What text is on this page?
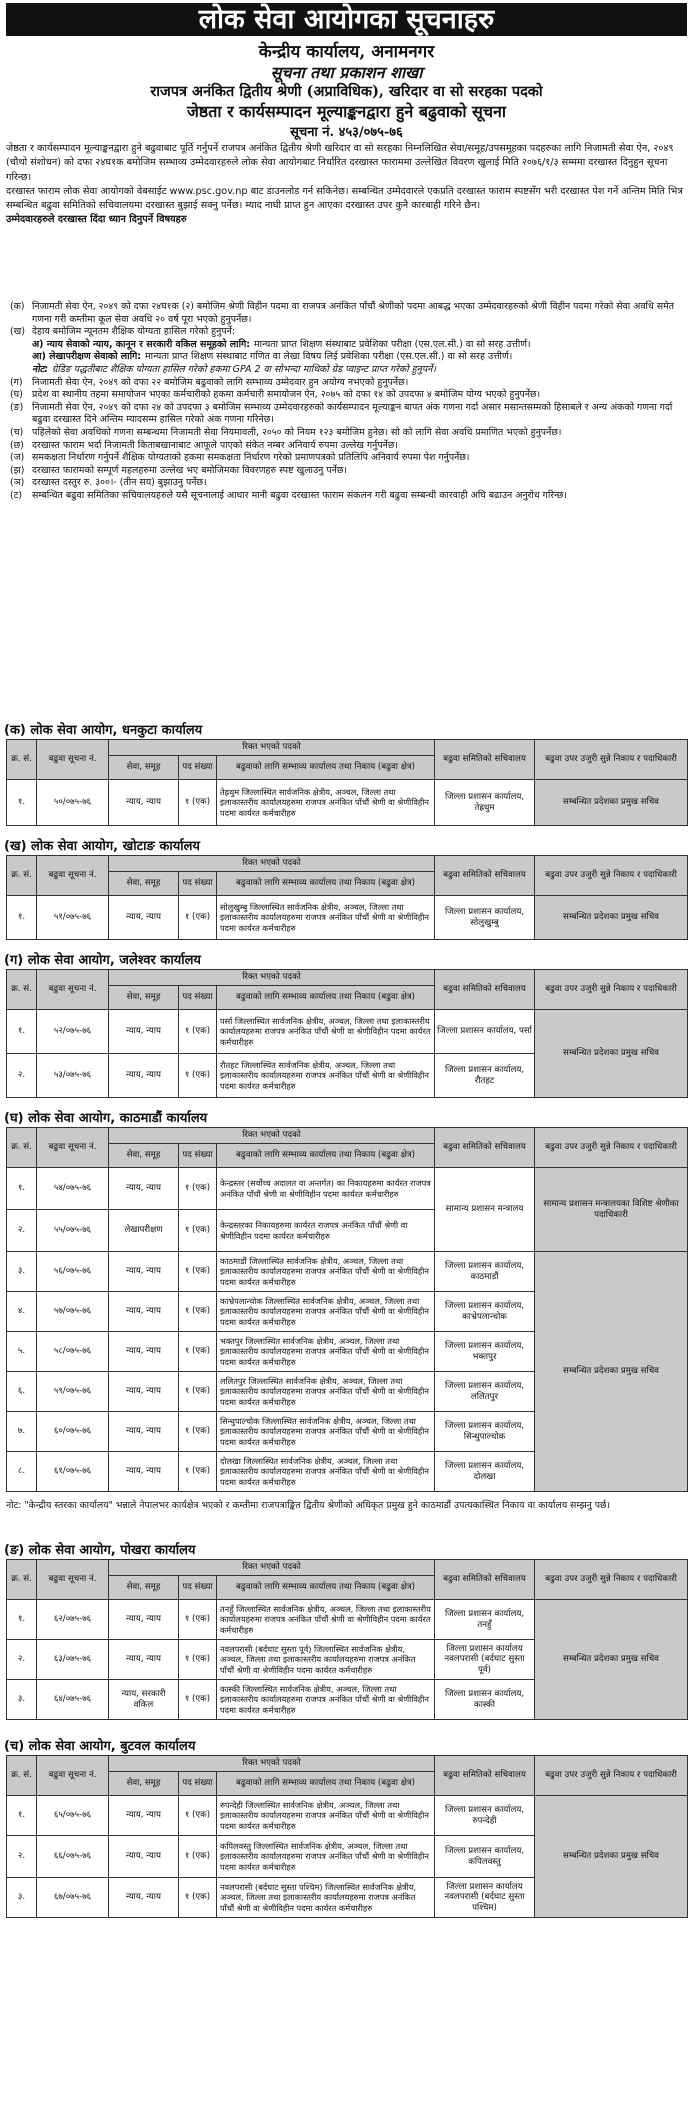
लोक सेवा आयोगका सूचनाहरु
केन्द्रीय कार्यालय, अनामनगर
सूचना तथा प्रकाशन शाखा
राजपत्र अनंकित द्वितीय श्रेणी (अप्राविधिक), खरिदार वा सो सरहका पदको
जेष्ठता र कार्यसम्पादन मूल्याङ्कनद्वारा हुने बढुवाको सूचना
सूचना नं. ४५३/०७५-७६

जेष्ठता र कार्यसम्पादन मूल्याङ्कनद्वारा हुने बढुवाबाट पूर्ति गर्नुपर्ने राजपत्र अनंकित द्वितीय श्रेणी खरिदार वा सो सरहका निम्नलिखित सेवा/समूह/उपसमूहका पदहरुका लागि निजामती सेवा ऐन, २०४९ (चौथो संशोधन) को दफा २४घ१क बमोजिम सम्भाव्य उम्मेदवारहरुले लोक सेवा आयोगबाट निर्धारित दरखास्त फाराममा उल्लेखित विवरण खुलाई मिति २०७६/१/३ सम्ममा दरखास्त दिनुहुन सूचना गरिन्छ।

दरखास्त फाराम लोक सेवा आयोगको वेबसाईट www.psc.gov.np बाट डाउनलोड गर्न सकिनेछ। सम्बन्धित उम्मेदवारले एकप्रति दरखास्त फाराम स्पष्टसँग भरी दरखास्त पेश गर्ने अन्तिम मिति भित्र सम्बन्धित बढुवा समितिको सचिवालयमा दरखास्त बुझाई सक्नु पर्नेछ। म्याद नाघी प्राप्त हुन आएका दरखास्त उपर कुनै कारबाही गरिने छैन।

उम्मेदवारहरुले दरखास्त दिंदा ध्यान दिनुपर्ने विषयहरु

(क) निजामती सेवा ऐन, २०४९ को दफा २४घ१क (२) बमोजिम श्रेणी विहीन पदमा वा राजपत्र अनंकित पाँचौं श्रेणीको पदमा आबद्ध भएका उम्मेदवारहरुको श्रेणी विहीन पदमा गरेको सेवा अवधि समेत गणना गरी कम्तीमा कूल सेवा अवधि २० वर्ष पूरा भएको हुनुपर्नेछ।
(ख) देहाय बमोजिम न्यूनतम शैक्षिक योग्यता हासिल गरेको हुनुपर्ने:
अ) न्याय सेवाको न्याय, कानून र सरकारी वकिल समूहको लागि: मान्यता प्राप्त शिक्षण संस्थाबाट प्रवेशिका परीक्षा (एस.एल.सी.) वा सो सरह उत्तीर्ण।
आ) लेखापरीक्षण सेवाको लागि: मान्यता प्राप्त शिक्षण संस्थाबाट गणित वा लेखा विषय लिई प्रवेशिका परीक्षा (एस.एल.सी.) वा सो सरह उत्तीर्ण।
नोट: ग्रेडिङ पद्धतीबाट शैक्षिक योग्यता हासिल गरेको हकमा GPA 2 वा सोभन्दा माथिको ग्रेड प्वाइन्ट प्राप्त गरेको हुनुपर्ने।
(ग)	निजामती सेवा ऐन, २०४९ को दफा २२ बमोजिम बढुवाको लागि सम्भाव्य उम्मेदवार हुन अयोग्य नभएको हुनुपर्नेछ।
(घ) प्रदेश वा स्थानीय तहमा समायोजन भएका कर्मचारीको हकमा कर्मचारी समायोजन ऐन, २०७५ को दफा १४ को उपदफा ४ बमोजिम योग्य भएको हुनुपर्नेछ।
(ङ) निजामती सेवा ऐन, २०४९ को दफा २४ को उपदफा ३ बमोजिम सम्भाव्य उम्मेदवारहरुको कार्यसम्पादन मूल्याङ्कन बापत अंक गणना गर्दा असार मसान्तसम्मको हिसाबले र अन्य अंकको गणना गर्दा बढुवा दरखास्त दिने अन्तिम म्यादसम्म हासिल गरेको अंक गणना गरिनेछ।
(च) पहिलेको सेवा अवधिको गणना सम्बन्धमा निजामती सेवा नियमावली, २०५० को नियम १२३ बमोजिम हुनेछ। सो को लागि सेवा अवधि प्रमाणित भएको हुनुपर्नेछ।
(छ) दरखास्त फाराम भर्दा निजामती किताबखानाबाट आफूले पाएको संकेत नम्बर अनिवार्य रुपमा उल्लेख गर्नुपर्नेछ।
(ज) समकक्षता निर्धारण गर्नुपर्ने शैक्षिक योग्यताको हकमा समकक्षता निर्धारण गरेको प्रमाणपत्रको प्रतिलिपि अनिवार्य रुपमा पेश गर्नुपर्नेछ।
(झ) दरखास्त फारामको सम्पूर्ण महलहरुमा उल्लेख भए बमोजिमका विवरणहरु स्पष्ट खुलाउनु पर्नेछ।
(ञ) दरखास्त दस्तुर रु. ३००।- (तीन सय) बुझाउनु पर्नेछ।
(ट)	सम्बन्धित बढुवा समितिका सचिवालयहरुले यसै सूचनालाई आधार मानी बढुवा दरखास्त फाराम संकलन गरी बढुवा सम्बन्धी कारवाही अघि बढाउन अनुरोध गरिन्छ।
(क) लोक सेवा आयोग, धनकुटा कार्यालय
क्र. सं.	बढुवा सूचना नं.	रिक्त भएको पदको			बढुवा समितिको सचिवालय	बढुवा उपर उजुरी सुन्ने निकाय र पदाधिकारी
		सेवा, समूह	पद संख्या	बढुवाको लागि सम्भाव्य कार्यालय तथा निकाय (बढुवा क्षेत्र)		
१.	५०/०७५-७६	न्याय, न्याय	१ (एक)	तेह्रथुम जिल्लास्थित सार्वजनिक क्षेत्रीय, अञ्चल, जिल्ला तथा इलाकास्तरीय कार्यालयहरुमा राजपत्र अनंकित पाँचौं श्रेणी वा श्रेणीविहीन पदमा कार्यरत कर्मचारीहरु	जिल्ला प्रशासन कार्यालय, तेह्रथुम	सम्बन्धित प्रदेशका प्रमुख सचिव
(ख) लोक सेवा आयोग, खोटाङ कार्यालय
क्र. सं.	बढुवा सूचना नं.	रिक्त भएको पदको			बढुवा समितिको सचिवालय	बढुवा उपर उजुरी सुन्ने निकाय र पदाधिकारी
		सेवा, समूह	पद संख्या	बढुवाको लागि सम्भाव्य कार्यालय तथा निकाय (बढुवा क्षेत्र)		
१.	५१/०७५-७६	न्याय, न्याय	१ (एक)	सोलुखुम्बु जिल्लास्थित सार्वजनिक क्षेत्रीय, अञ्चल, जिल्ला तथा इलाकास्तरीय कार्यालयहरुमा राजपत्र अनंकित पाँचौं श्रेणी वा श्रेणीविहीन पदमा कार्यरत कर्मचारीहरु	जिल्ला प्रशासन कार्यालय, सोलुखुम्बु	सम्बन्धित प्रदेशका प्रमुख सचिव
(ग) लोक सेवा आयोग, जलेश्वर कार्यालय
क्र. सं.	बढुवा सूचना नं.	रिक्त भएको पदको			बढुवा समितिको सचिवालय	बढुवा उपर उजुरी सुन्ने निकाय र पदाधिकारी
		सेवा, समूह	पद संख्या	बढुवाको लागि सम्भाव्य कार्यालय तथा निकाय (बढुवा क्षेत्र)		
१.	५२/०७५-७६	न्याय, न्याय	१ (एक)	पर्सा जिल्लास्थित सार्वजनिक क्षेत्रीय, अञ्चल, जिल्ला तथा इलाकास्तरीय कार्यालयहरुमा राजपत्र अनंकित पाँचौं श्रेणी वा श्रेणीविहीन पदमा कार्यरत कर्मचारीहरु	जिल्ला प्रशासन कार्यालय, पर्सा	सम्बन्धित प्रदेशका प्रमुख सचिव
२.	५३/०७५-७६	न्याय, न्याय	१ (एक)	रौतहट जिल्लास्थित सार्वजनिक क्षेत्रीय, अञ्चल, जिल्ला तथा इलाकास्तरीय कार्यालयहरुमा राजपत्र अनंकित पाँचौं श्रेणी वा श्रेणीविहीन पदमा कार्यरत कर्मचारीहरु	जिल्ला प्रशासन कार्यालय, रौतहट	
(घ) लोक सेवा आयोग, काठमाडौं कार्यालय
क्र. सं.	बढुवा सूचना नं.	रिक्त भएको पदको			बढुवा समितिको सचिवालय	बढुवा उपर उजुरी सुन्ने निकाय र पदाधिकारी
		सेवा, समूह	पद संख्या	बढुवाको लागि सम्भाव्य कार्यालय तथा निकाय (बढुवा क्षेत्र)		
१.	५४/०७५-७६	न्याय, न्याय	१ (एक)	केन्द्रस्तर (सर्वोच्च अदालत वा अन्तर्गत) का निकायहरुमा कार्यरत राजपत्र अनंकित पाँचौं श्रेणी वा श्रेणीविहीन पदमा कार्यरत कर्मचारीहरु	सामान्य प्रशासन मन्त्रालय	सामान्य प्रशासन मन्त्रालयका विशिष्ट श्रेणीका पदाधिकारी
२.	५५/०७५-७६	लेखापरीक्षण	१ (एक)	केन्द्रस्तरका निकायहरुमा कार्यरत राजपत्र अनंकित पाँचौं श्रेणी वा श्रेणीविहीन पदमा कार्यरत कर्मचारीहरु		
३.	५६/०७५-७६	न्याय, न्याय	१ (एक)	काठमाडौं जिल्लास्थित सार्वजनिक क्षेत्रीय, अञ्चल, जिल्ला तथा इलाकास्तरीय कार्यालयहरुमा राजपत्र अनंकित पाँचौं श्रेणी वा श्रेणीविहीन पदमा कार्यरत कर्मचारीहरु	जिल्ला प्रशासन कार्यालय, काठमाडौं	सम्बन्धित प्रदेशका प्रमुख सचिव
४.	५७/०७५-७६	न्याय, न्याय	१ (एक)	काभ्रेपलान्चोक जिल्लास्थित सार्वजनिक क्षेत्रीय, अञ्चल, जिल्ला तथा इलाकास्तरीय कार्यालयहरुमा राजपत्र अनंकित पाँचौं श्रेणी वा श्रेणीविहीन पदमा कार्यरत कर्मचारीहरु	जिल्ला प्रशासन कार्यालय, काभ्रेपलान्चोक	
५.	५८/०७५-७६	न्याय, न्याय	१ (एक)	भक्तपुर जिल्लास्थित सार्वजनिक क्षेत्रीय, अञ्चल, जिल्ला तथा इलाकास्तरीय कार्यालयहरुमा राजपत्र अनंकित पाँचौं श्रेणी वा श्रेणीविहीन पदमा कार्यरत कर्मचारीहरु	जिल्ला प्रशासन कार्यालय, भक्तपुर	
६.	५९/०७५-७६	न्याय, न्याय	१ (एक)	ललितपुर जिल्लास्थित सार्वजनिक क्षेत्रीय, अञ्चल, जिल्ला तथा इलाकास्तरीय कार्यालयहरुमा राजपत्र अनंकित पाँचौं श्रेणी वा श्रेणीविहीन पदमा कार्यरत कर्मचारीहरु	जिल्ला प्रशासन कार्यालय, ललितपुर	
७.	६०/०७५-७६	न्याय, न्याय	१ (एक)	सिन्धुपाल्चोक जिल्लास्थित सार्वजनिक क्षेत्रीय, अञ्चल, जिल्ला तथा इलाकास्तरीय कार्यालयहरुमा राजपत्र अनंकित पाँचौं श्रेणी वा श्रेणीविहीन पदमा कार्यरत कर्मचारीहरु	जिल्ला प्रशासन कार्यालय, सिन्धुपाल्चोक	
८.	६१/०७५-७६	न्याय, न्याय	१ (एक)	दोलखा जिल्लास्थित सार्वजनिक क्षेत्रीय, अञ्चल, जिल्ला तथा इलाकास्तरीय कार्यालयहरुमा राजपत्र अनंकित पाँचौं श्रेणी वा श्रेणीविहीन पदमा कार्यरत कर्मचारीहरु	जिल्ला प्रशासन कार्यालय, दोलखा	
नोट: "केन्द्रीय स्तरका कार्यालय" भन्नाले नेपालभर कार्यक्षेत्र भएको र कम्तीमा राजपत्राङ्कित द्वितीय श्रेणीको अधिकृत प्रमुख हुने काठमाडौं उपत्यकास्थित निकाय वा कार्यालय सम्झनु पर्छ।
(ङ) लोक सेवा आयोग, पोखरा कार्यालय
क्र. सं.	बढुवा सूचना नं.	रिक्त भएको पदको			बढुवा समितिको सचिवालय	बढुवा उपर उजुरी सुन्ने निकाय र पदाधिकारी
		सेवा, समूह	पद संख्या	बढुवाको लागि सम्भाव्य कार्यालय तथा निकाय (बढुवा क्षेत्र)		
१.	६२/०७५-७६	न्याय, न्याय	१ (एक)	तनहुँ जिल्लास्थित सार्वजनिक क्षेत्रीय, अञ्चल, जिल्ला तथा इलाकास्तरीय कार्यालयहरुमा राजपत्र अनंकित पाँचौं श्रेणी वा श्रेणीविहीन पदमा कार्यरत कर्मचारीहरु	जिल्ला प्रशासन कार्यालय, तनहुँ	सम्बन्धित प्रदेशका प्रमुख सचिव
२.	६३/०७५-७६	न्याय, न्याय	१ (एक)	नवलपरासी (बर्दघाट सुस्ता पूर्व) जिल्लास्थित सार्वजनिक क्षेत्रीय, अञ्चल, जिल्ला तथा इलाकास्तरीय कार्यालयहरुमा राजपत्र अनंकित पाँचौं श्रेणी वा श्रेणीविहीन पदमा कार्यरत कर्मचारीहरु	जिल्ला प्रशासन कार्यालय नवलपरासी (बर्दघाट सुस्ता पूर्व)	
३.	६४/०७५-७६	न्याय, सरकारी वकिल	१ (एक)	कास्की जिल्लास्थित सार्वजनिक क्षेत्रीय, अञ्चल, जिल्ला तथा इलाकास्तरीय कार्यालयहरुमा राजपत्र अनंकित पाँचौं श्रेणी वा श्रेणीविहीन पदमा कार्यरत कर्मचारीहरु	जिल्ला प्रशासन कार्यालय, कास्की	
(च) लोक सेवा आयोग, बुटवल कार्यालय
क्र. सं.	बढुवा सूचना नं.	रिक्त भएको पदको			बढुवा समितिको सचिवालय	बढुवा उपर उजुरी सुन्ने निकाय र पदाधिकारी
		सेवा, समूह	पद संख्या	बढुवाको लागि सम्भाव्य कार्यालय तथा निकाय (बढुवा क्षेत्र)		
१.	६५/०७५-७६	न्याय, न्याय	१ (एक)	रुपन्देही जिल्लास्थित सार्वजनिक क्षेत्रीय, अञ्चल, जिल्ला तथा इलाकास्तरीय कार्यालयहरुमा राजपत्र अनंकित पाँचौं श्रेणी वा श्रेणीविहीन पदमा कार्यरत कर्मचारीहरु	जिल्ला प्रशासन कार्यालय, रुपन्देही	सम्बन्धित प्रदेशका प्रमुख सचिव
२.	६६/०७५-७६	न्याय, न्याय	१ (एक)	कपिलवस्तु जिल्लास्थित सार्वजनिक क्षेत्रीय, अञ्चल, जिल्ला तथा इलाकास्तरीय कार्यालयहरुमा राजपत्र अनंकित पाँचौं श्रेणी वा श्रेणीविहीन पदमा कार्यरत कर्मचारीहरु	जिल्ला प्रशासन कार्यालय, कपिलवस्तु	
३.	६७/०७५-७६	न्याय, न्याय	१ (एक)	नवलपरासी (बर्दघाट सुस्ता पश्चिम) जिल्लास्थित सार्वजनिक क्षेत्रीय, अञ्चल, जिल्ला तथा इलाकास्तरीय कार्यालयहरुमा राजपत्र अनंकित पाँचौं श्रेणी वा श्रेणीविहीन पदमा कार्यरत कर्मचारीहरु	जिल्ला प्रशासन कार्यालय नवलपरासी (बर्दघाट सुस्ता पश्चिम)	
